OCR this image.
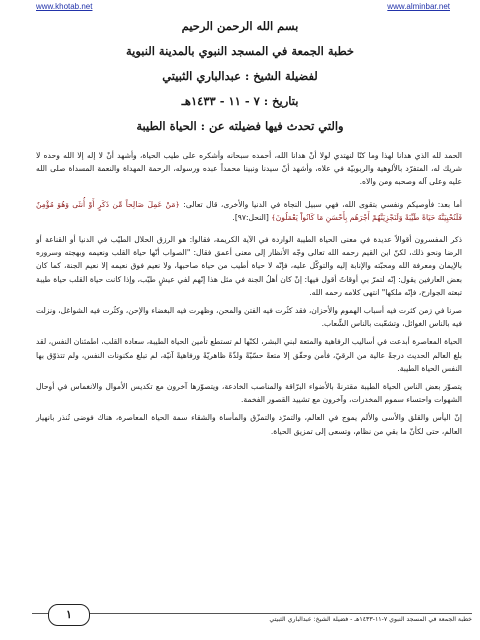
www.khotab.net	www.alminbar.net
بسم الله الرحمن الرحيم
خطبة الجمعة في المسجد النبوي بالمدينة النبوية
لفضيلة الشيخ : عبدالباري الثبيتي
بتاريخ : ٧ - ١١ - ١٤٣٣هـ
والتي تحدث فيها فضيلته عن : الحياة الطيبة

الحمد لله الذي هدانا لهذا وما كنّا لنهتدي لولا أنْ هدانا الله، أحمده سبحانه وأشكره على طيب الحياة، وأشهد أنْ لا إله إلا الله وحده لا شريك له، المتفرّد بالألوهية والربوبيّة في علاه، وأشهد أنّ سيدنا ونبينا محمداً عبده ورسوله، الرحمة المهداة والنعمة المسداة صلى الله عليه وعلى آله وصحبه ومن والاه.

أما بعد: فأوصيكم ونفسي بتقوى الله، فهي سبيل النجاة في الدنيا والأخرى، قال تعالى: ﴿مَنْ عَمِلَ صَالِحاً مِّن ذَكَرٍ أَوْ أُنثَى وَهُوَ مُؤْمِنٌ فَلَنُحْيِيَنَّهُ حَيَاةً طَيِّبَةً وَلَنَجْزِيَنَّهُمْ أَجْرَهُم بِأَحْسَنِ مَا كَانُواْ يَعْمَلُونَ﴾ [النحل:٩٧].

ذكر المفسرون أقوالاً عديدة في معنى الحياة الطيبة الواردة في الآية الكريمة، فقالوا: هو الرزق الحلال الطيّب في الدنيا أو القناعة أو الرضا ونحو ذلك، لكنّ ابن القيم رحمه الله تعالى وجّه الأنظار إلى معنى أعمق فقال: "الصواب أنّها حياة القلب ونعيمه وبهجته وسروره بالإيمان ومعرفة الله ومحبّته والإنابة إليه والتوكّل عليه، فإنّه لا حياة أطيب من حياة صاحبها، ولا نعيم فوق نعيمه إلا نعيم الجنة، كما كان بعض العارفين يقول: إنّه لتمرّ بي أوقاتٌ أقول فيها: إنْ كان أهلُ الجنة في مثل هذا إنّهم لفي عيشٍ طيّب، وإذا كانت حياة القلب حياة طيبة تبعته الجوارح، فإنّه ملكها" انتهى كلامه رحمه الله.

صرنا في زمن كثرت فيه أسباب الهموم والأحزان، فقد كثُرت فيه الفتن والمحن، وظهرت فيه البغضاء والإحن، وكثُرت فيه الشواغل، ونزلت فيه بالناس الغوائل، وتشعّبت بالناس الشِّعاب.

الحياة المعاصرة أبدعت في أساليب الرفاهية والمتعة لبني البشر، لكنّها لم تستطع تأمين الحياة الطيبة، سعادة القلب، اطمئنان النفس، لقد بلغ العالم الحديث درجةً عالية من الرقيّ، فأمن وحقّق إلا متعةً حسّيّةً ولذّةً ظاهريّةً ورفاهيةً آنيّة، لم تبلغ مكنونات النفس، ولم تتذوّق بها النفس الحياة الطيبة.

يتصوّر بعض الناس الحياة الطيبة مقترنةً بالأضواء البرّاقة والمناصب الخادعة، ويتصوّرها آخرون مع تكديس الأموال والانغماس في أوحال الشهوات واحتساء سموم المخدرات، وآخرون مع تشييد القصور الفخمة.

إنّ اليأس والقلق والأسى والألم يموج في العالم، والتمرّد والتمزّق والمأساة والشقاء سمة الحياة المعاصرة، هناك فوضى تُنذر بانهيار العالم، حتى لكأنّ ما بقي من نظام، وتسعى إلى تمزيق الحياة.

١	خطبة الجمعة في المسجد النبوي ٧-١١-١٤٣٣هـ - فضيلة الشيخ: عبدالباري الثبيتي
